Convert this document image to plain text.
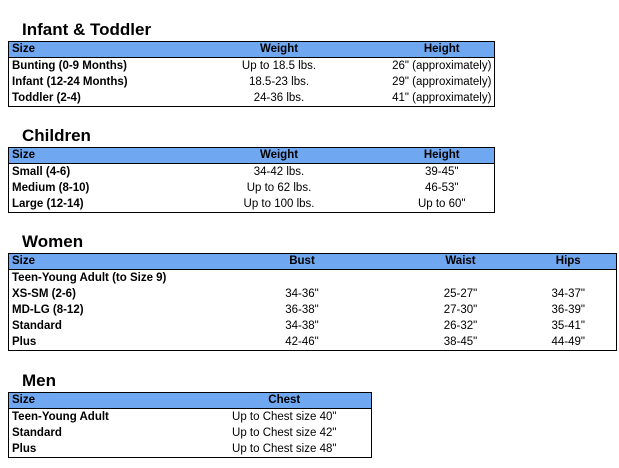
Infant & Toddler
Size	Weight	Height
Bunting (0-9 Months)	Up to 18.5 lbs.	26" (approximately)
Infant (12-24 Months)	18.5-23 lbs.	29" (approximately)
Toddler (2-4)	24-36 lbs.	41" (approximately)
Children
Size	Weight	Height
Small (4-6)	34-42 lbs.	39-45"
Medium (8-10)	Up to 62 lbs.	46-53"
Large (12-14)	Up to 100 lbs.	Up to 60"
Women
Size	Bust	Waist	Hips
Teen-Young Adult (to Size 9)			
XS-SM (2-6)	34-36"	25-27"	34-37"
MD-LG (8-12)	36-38"	27-30"	36-39"
Standard	34-38"	26-32"	35-41"
Plus	42-46"	38-45"	44-49"
Men
Size	Chest
Teen-Young Adult	Up to Chest size 40"
Standard	Up to Chest size 42"
Plus	Up to Chest size 48"
